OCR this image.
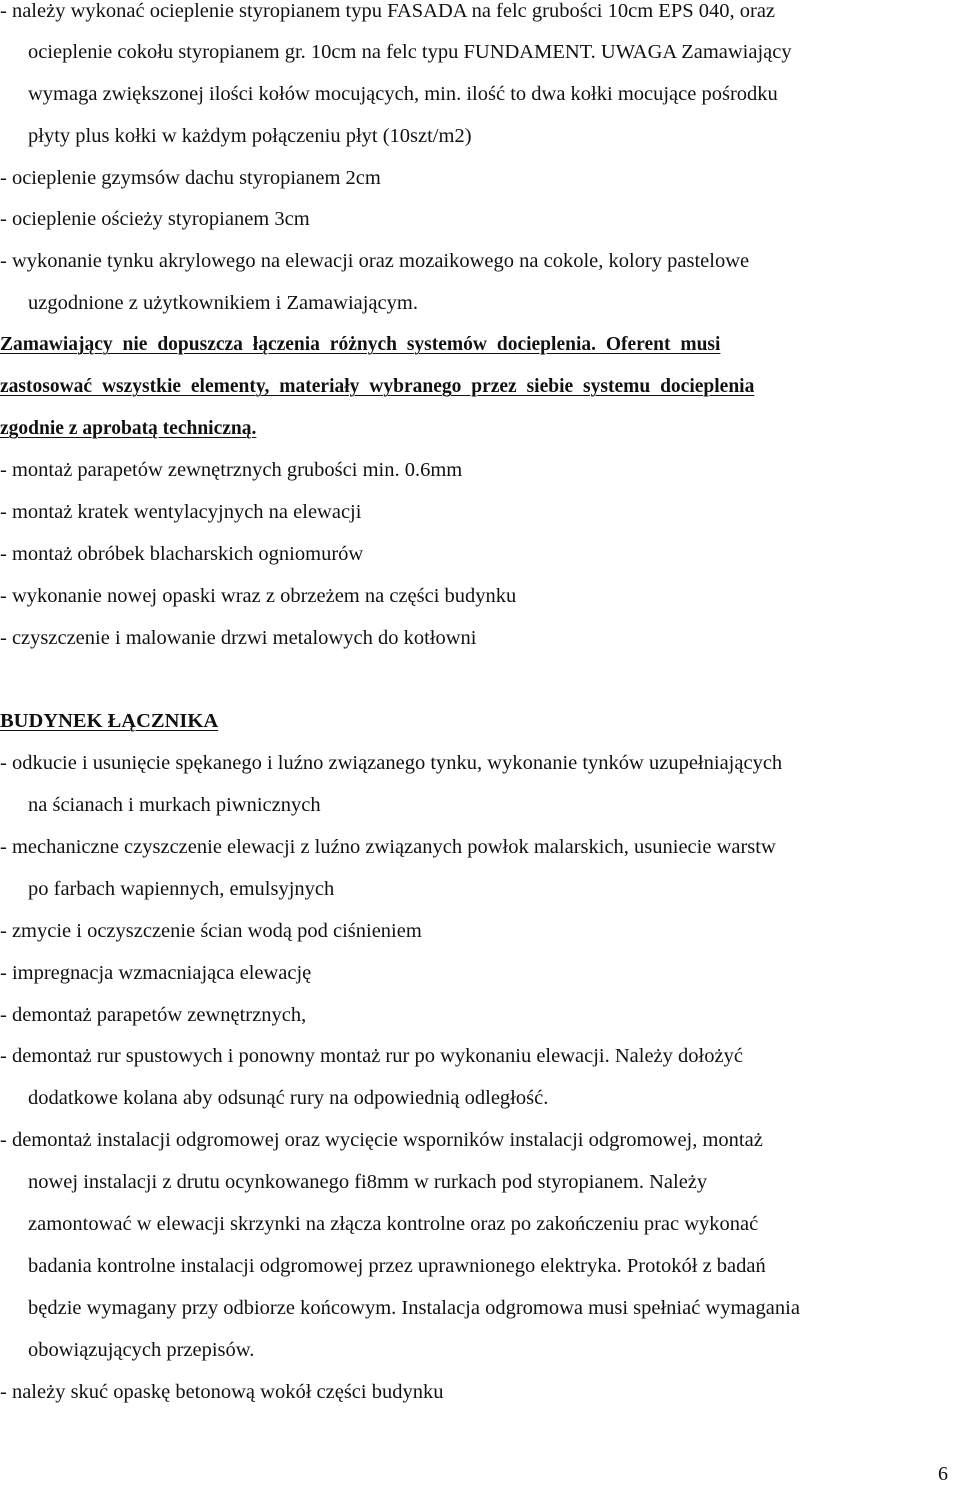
- należy wykonać ocieplenie styropianem typu FASADA na felc grubości 10cm EPS 040, oraz
ocieplenie cokołu styropianem gr. 10cm na felc typu FUNDAMENT. UWAGA Zamawiający
wymaga zwiększonej ilości kołów mocujących, min. ilość to dwa kołki mocujące pośrodku
płyty plus kołki w każdym połączeniu płyt (10szt/m2)
- ocieplenie gzymsów dachu styropianem 2cm
- ocieplenie ościeży styropianem 3cm
- wykonanie tynku akrylowego na elewacji oraz mozaikowego na cokole, kolory pastelowe
uzgodnione z użytkownikiem i Zamawiającym.
Zamawiający nie dopuszcza łączenia różnych systemów docieplenia. Oferent musi
zastosować wszystkie elementy, materiały wybranego przez siebie systemu docieplenia
zgodnie z aprobatą techniczną.
- montaż parapetów zewnętrznych grubości min. 0.6mm
- montaż kratek wentylacyjnych na elewacji
- montaż obróbek blacharskich ogniomurów
- wykonanie nowej opaski wraz z obrzeżem na części budynku
- czyszczenie i malowanie drzwi metalowych do kotłowni
BUDYNEK ŁĄCZNIKA
- odkucie i usunięcie spękanego i luźno związanego tynku, wykonanie tynków uzupełniających
na ścianach i murkach piwnicznych
- mechaniczne czyszczenie elewacji z luźno związanych powłok malarskich, usuniecie warstw
po farbach wapiennych, emulsyjnych
- zmycie i oczyszczenie ścian wodą pod ciśnieniem
- impregnacja wzmacniająca elewację
- demontaż parapetów zewnętrznych,
- demontaż rur spustowych i ponowny montaż rur po wykonaniu elewacji. Należy dołożyć
dodatkowe kolana aby odsunąć rury na odpowiednią odległość.
- demontaż instalacji odgromowej oraz wycięcie wsporników instalacji odgromowej, montaż
nowej instalacji z drutu ocynkowanego fi8mm w rurkach pod styropianem. Należy
zamontować w elewacji skrzynki na złącza kontrolne oraz po zakończeniu prac wykonać
badania kontrolne instalacji odgromowej przez uprawnionego elektryka. Protokół z badań
będzie wymagany przy odbiorze końcowym. Instalacja odgromowa musi spełniać wymagania
obowiązujących przepisów.
- należy skuć opaskę betonową wokół części budynku
6
